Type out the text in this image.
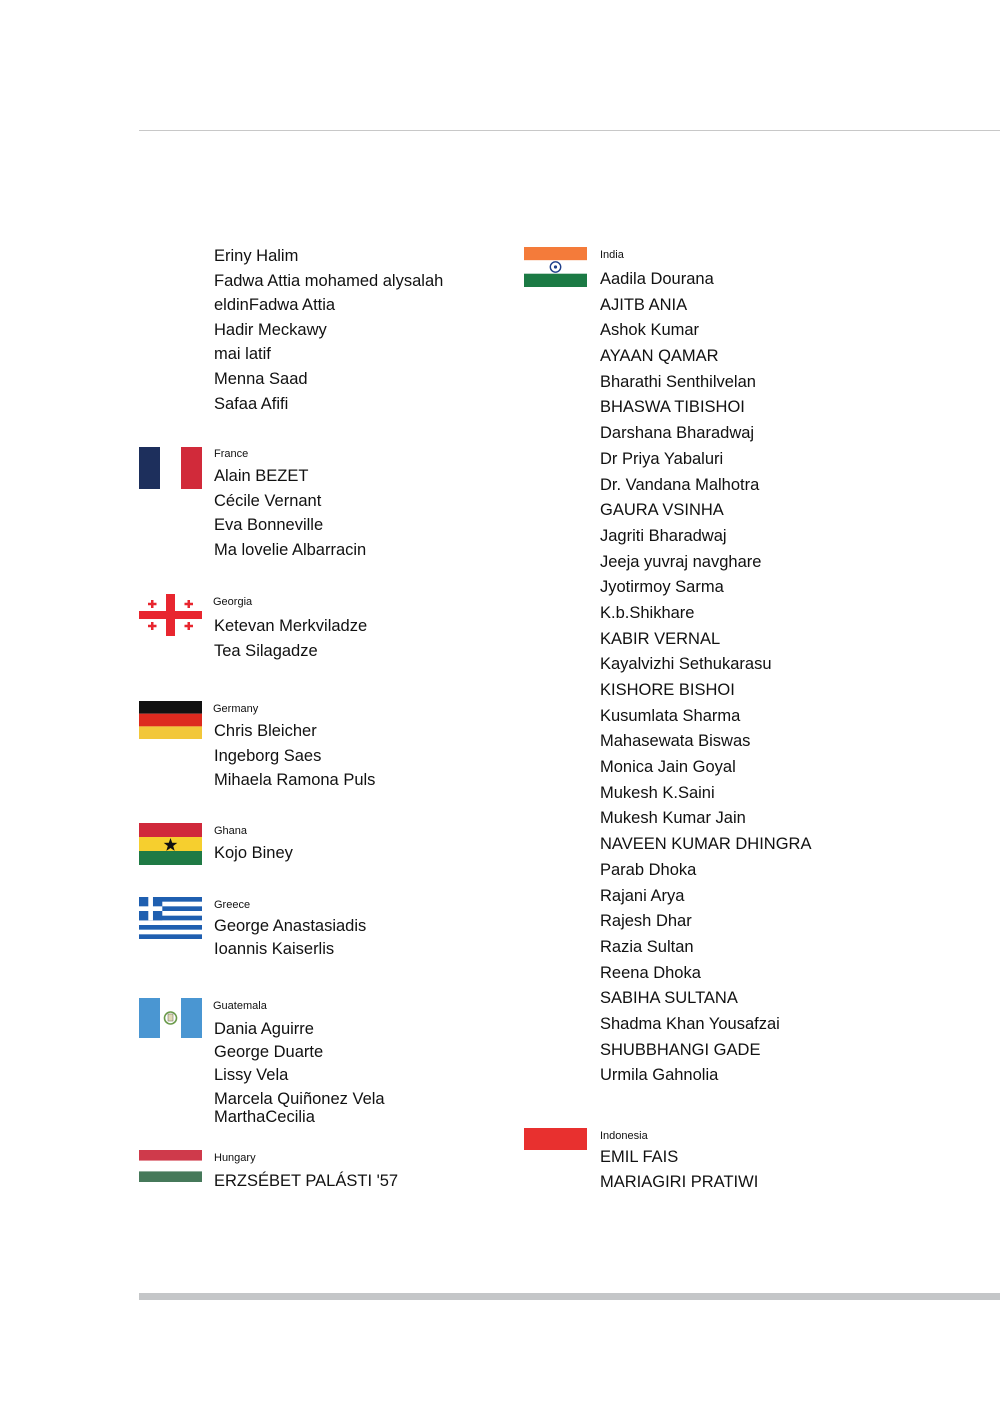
Eriny Halim
Fadwa Attia mohamed alysalah
eldinFadwa Attia
Hadir Meckawy
mai latif
Menna Saad
Safaa Afifi
France
Alain BEZET
Cécile Vernant
Eva Bonneville
Ma lovelie Albarracin
Georgia
Ketevan Merkviladze
Tea Silagadze
Germany
Chris Bleicher
Ingeborg Saes
Mihaela Ramona Puls
Ghana
Kojo Biney
Greece
George Anastasiadis
Ioannis Kaiserlis
Guatemala
Dania Aguirre
George Duarte
Lissy Vela
Marcela Quiñonez Vela
MarthaCecilia
Hungary
ERZSÉBET PALÁSTI '57
India
Aadila Dourana
AJITB ANIA
Ashok Kumar
AYAAN QAMAR
Bharathi Senthilvelan
BHASWA TIBISHOI
Darshana Bharadwaj
Dr Priya Yabaluri
Dr. Vandana Malhotra
GAURA VSINHA
Jagriti Bharadwaj
Jeeja yuvraj navghare
Jyotirmoy Sarma
K.b.Shikhare
KABIR VERNAL
Kayalvizhi Sethukarasu
KISHORE BISHOI
Kusumlata Sharma
Mahasewata Biswas
Monica Jain Goyal
Mukesh K.Saini
Mukesh Kumar Jain
NAVEEN KUMAR DHINGRA
Parab Dhoka
Rajani Arya
Rajesh Dhar
Razia Sultan
Reena Dhoka
SABIHA SULTANA
Shadma Khan Yousafzai
SHUBBHANGI GADE
Urmila Gahnolia
Indonesia
EMIL FAIS
MARIAGIRI PRATIWI
